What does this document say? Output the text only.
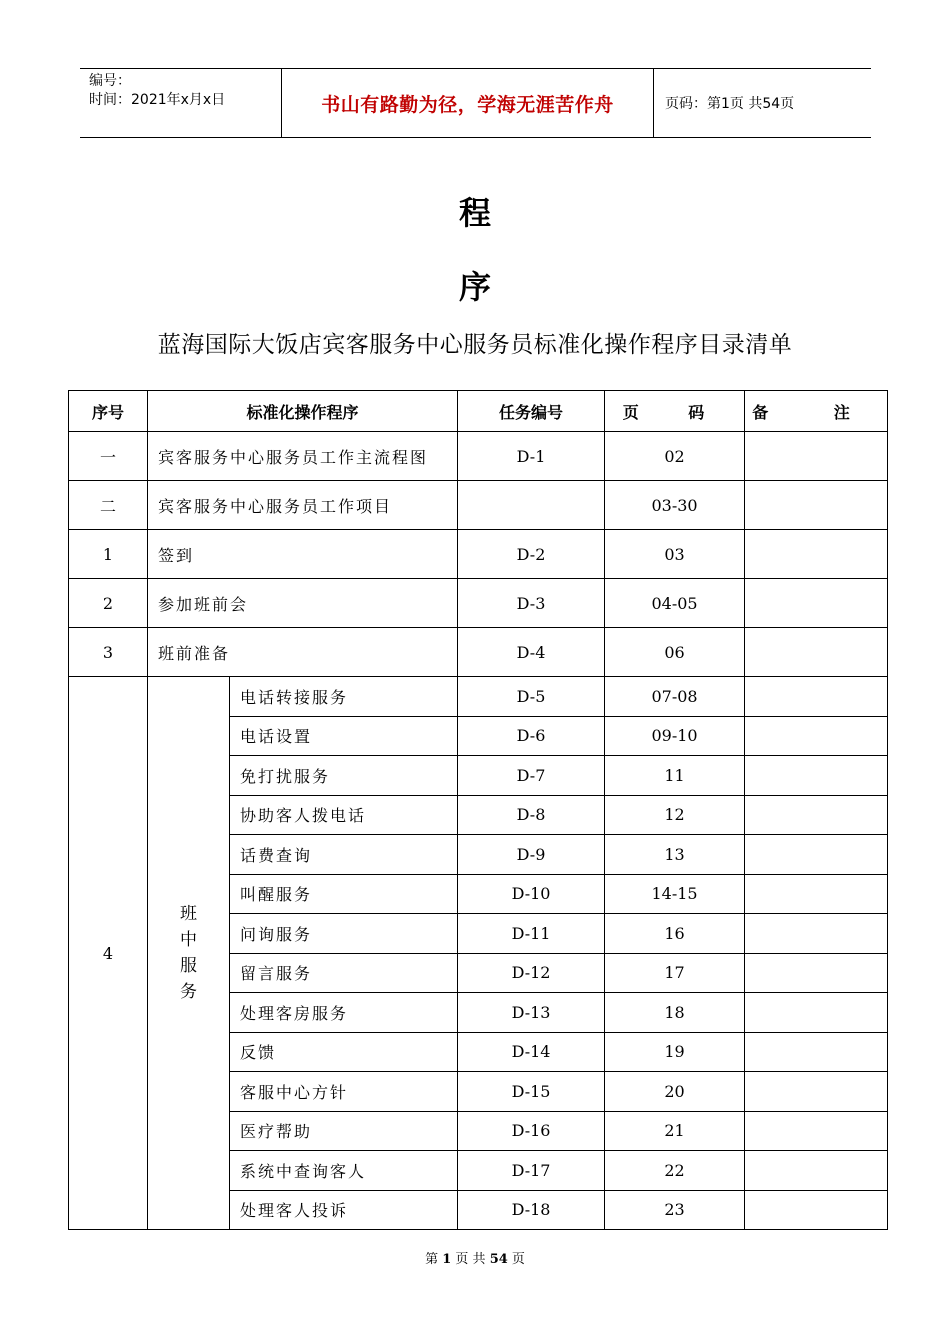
编号：
时间：2021年x月x日	书山有路勤为径，学海无涯苦作舟	页码：第1页 共54页
程
序
蓝海国际大饭店宾客服务中心服务员标准化操作程序目录清单
序号	标准化操作程序		任务编号	页 码	备 注
一	宾客服务中心服务员工作主流程图		D-1	02	
二	宾客服务中心服务员工作项目			03-30	
1	签到		D-2	03	
2	参加班前会		D-3	04-05	
3	班前准备		D-4	06	
4	班中服务	电话转接服务	D-5	07-08	
		电话设置	D-6	09-10	
		免打扰服务	D-7	11	
		协助客人拨电话	D-8	12	
		话费查询	D-9	13	
		叫醒服务	D-10	14-15	
		问询服务	D-11	16	
		留言服务	D-12	17	
		处理客房服务	D-13	18	
		反馈	D-14	19	
		客服中心方针	D-15	20	
		医疗帮助	D-16	21	
		系统中查询客人	D-17	22	
		处理客人投诉	D-18	23	
第 1 页 共 54 页
